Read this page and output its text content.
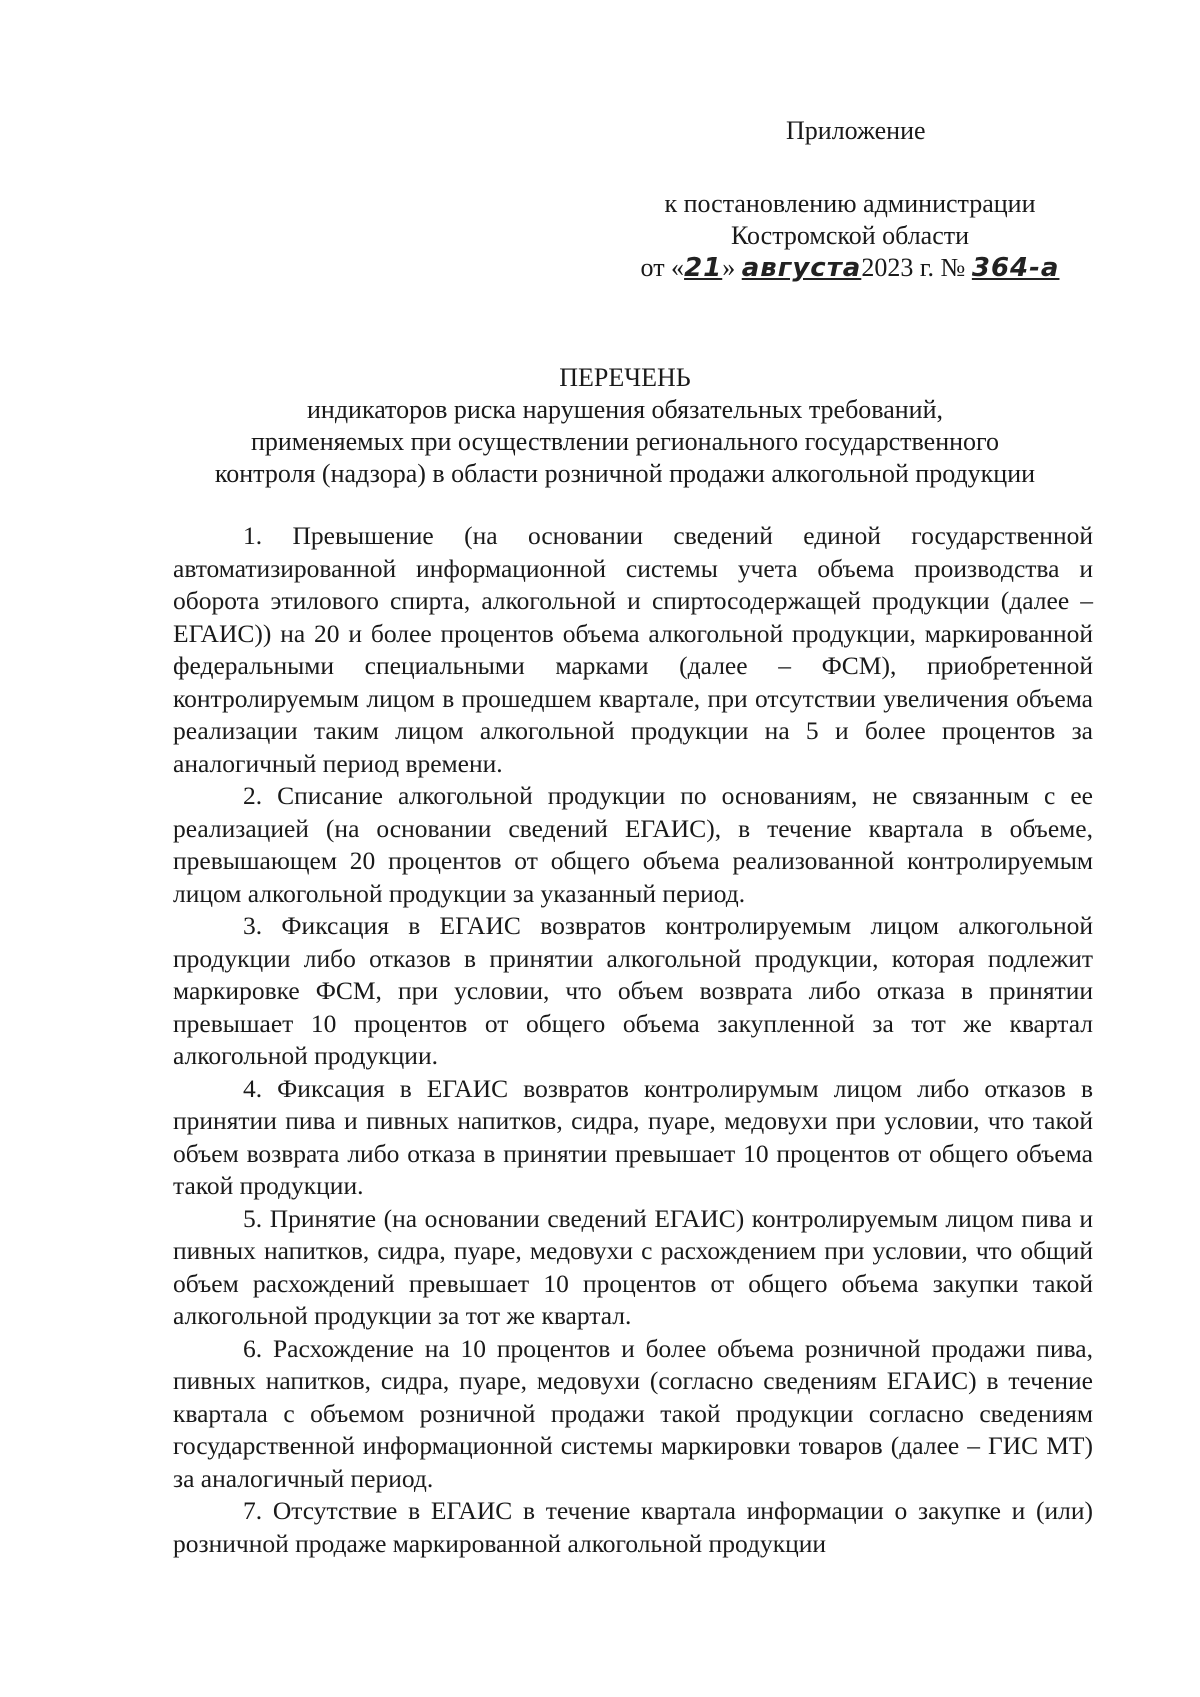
Приложение
к постановлению администрации
Костромской области
от «21» августа2023 г. № 364-а
ПЕРЕЧЕНЬ
индикаторов риска нарушения обязательных требований,
применяемых при осуществлении регионального государственного
контроля (надзора) в области розничной продажи алкогольной продукции

1. Превышение (на основании сведений единой государственной автоматизированной информационной системы учета объема производства и оборота этилового спирта, алкогольной и спиртосодержащей продукции (далее – ЕГАИС)) на 20 и более процентов объема алкогольной продукции, маркированной федеральными специальными марками (далее – ФСМ), приобретенной контролируемым лицом в прошедшем квартале, при отсутствии увеличения объема реализации таким лицом алкогольной продукции на 5 и более процентов за аналогичный период времени.

2. Списание алкогольной продукции по основаниям, не связанным с ее реализацией (на основании сведений ЕГАИС), в течение квартала в объеме, превышающем 20 процентов от общего объема реализованной контролируемым лицом алкогольной продукции за указанный период.

3. Фиксация в ЕГАИС возвратов контролируемым лицом алкогольной продукции либо отказов в принятии алкогольной продукции, которая подлежит маркировке ФСМ, при условии, что объем возврата либо отказа в принятии превышает 10 процентов от общего объема закупленной за тот же квартал алкогольной продукции.

4. Фиксация в ЕГАИС возвратов контролирумым лицом либо отказов в принятии пива и пивных напитков, сидра, пуаре, медовухи при условии, что такой объем возврата либо отказа в принятии превышает 10 процентов от общего объема такой продукции.

5. Принятие (на основании сведений ЕГАИС) контролируемым лицом пива и пивных напитков, сидра, пуаре, медовухи с расхождением при условии, что общий объем расхождений превышает 10 процентов от общего объема закупки такой алкогольной продукции за тот же квартал.

6. Расхождение на 10 процентов и более объема розничной продажи пива, пивных напитков, сидра, пуаре, медовухи (согласно сведениям ЕГАИС) в течение квартала с объемом розничной продажи такой продукции согласно сведениям государственной информационной системы маркировки товаров (далее – ГИС МТ) за аналогичный период.

7. Отсутствие в ЕГАИС в течение квартала информации о закупке и (или) розничной продаже маркированной алкогольной продукции
